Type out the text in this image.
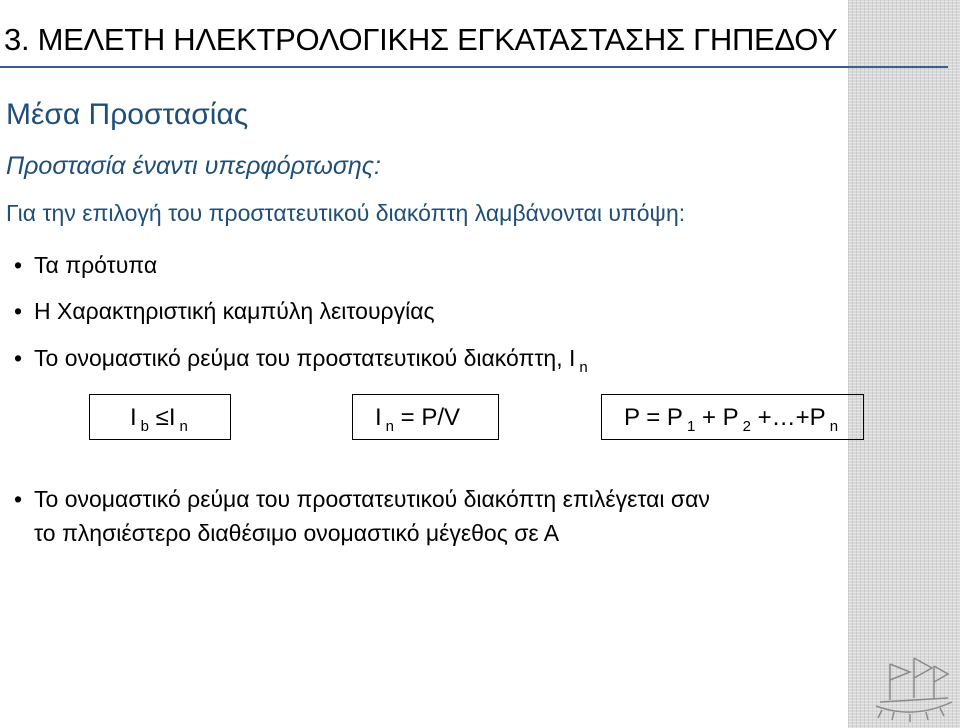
3. ΜΕΛΕΤΗ ΗΛΕΚΤΡΟΛΟΓΙΚΗΣ ΕΓΚΑΤΑΣΤΑΣΗΣ ΓΗΠΕΔΟΥ
Μέσα Προστασίας
Προστασία έναντι υπερφόρτωσης:
Για την επιλογή του προστατευτικού διακόπτη λαμβάνονται υπόψη:
• Τα πρότυπα
• Η Χαρακτηριστική καμπύλη λειτουργίας
• Το ονομαστικό ρεύμα του προστατευτικού διακόπτη, I $_n$
I $_b$ ≤I $_n$	I $_n$ = P/V	P = P $_1$ + P $_2$ +…+P $_n$
• Το ονομαστικό ρεύμα του προστατευτικού διακόπτη επιλέγεται σαν
το πλησιέστερο διαθέσιμο ονομαστικό μέγεθος σε Α
